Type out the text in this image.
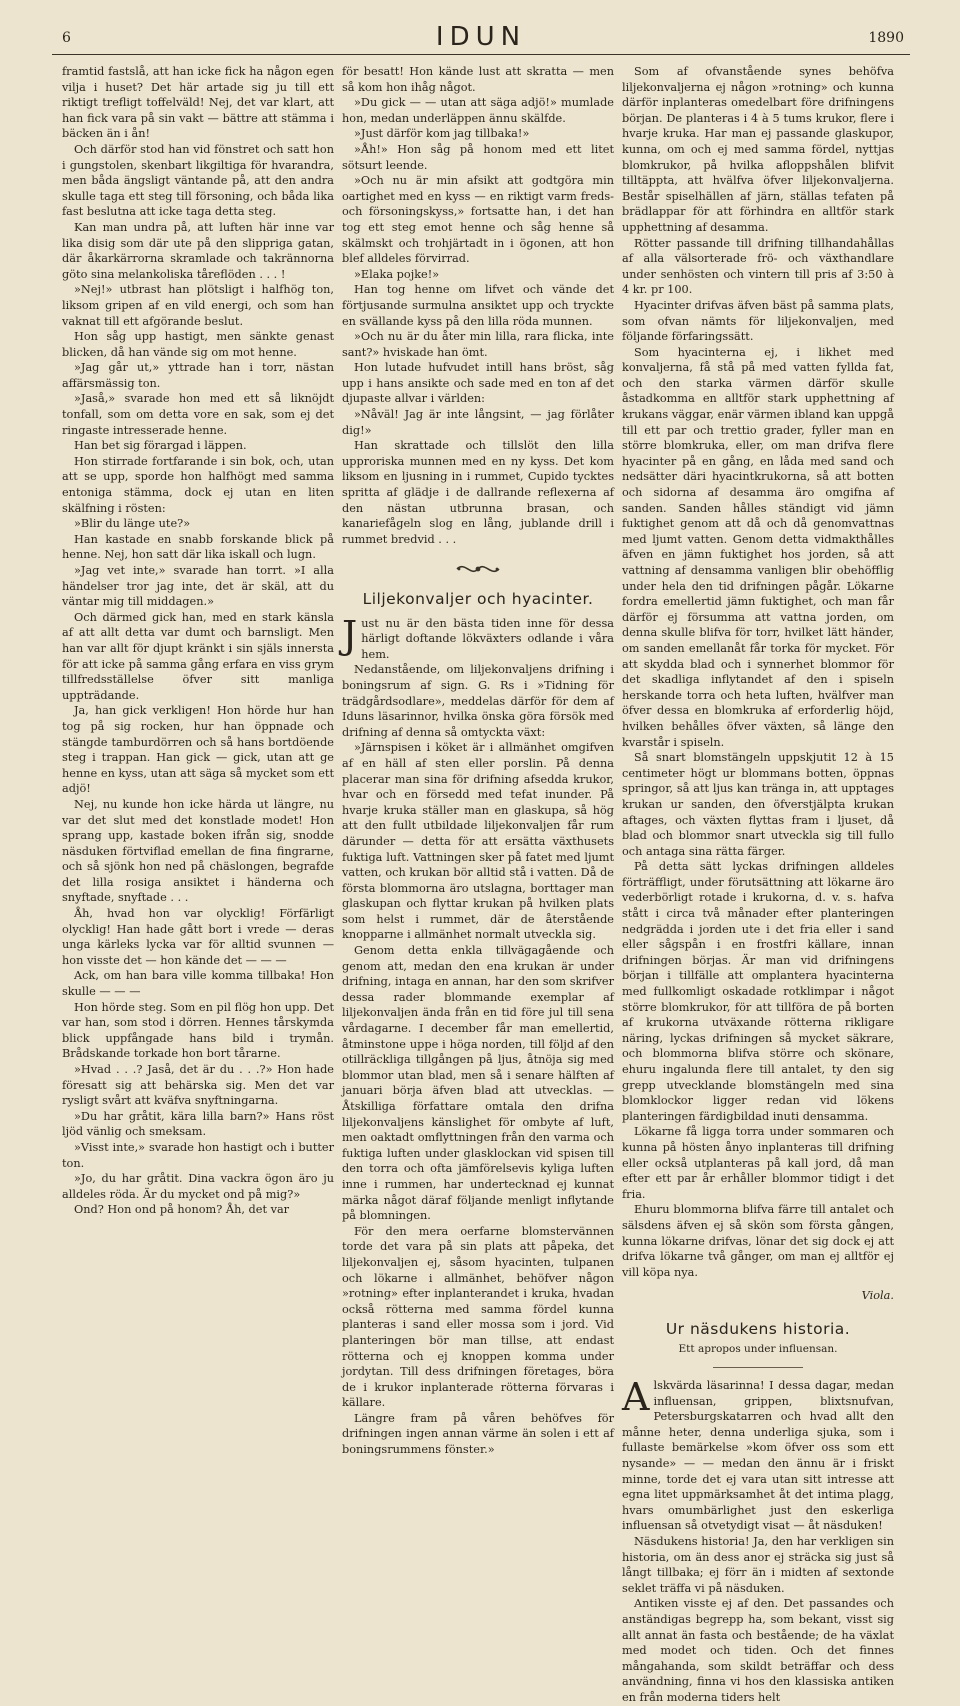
6	IDUN	1890

framtid fastslå, att han icke fick ha någon egen vilja i huset? Det här artade sig ju till ett riktigt trefligt toffelväld! Nej, det var klart, att han fick vara på sin vakt — bättre att stämma i bäcken än i ån!

Och därför stod han vid fönstret och satt hon i gungstolen, skenbart likgiltiga för hvarandra, men båda ängsligt väntande på, att den andra skulle taga ett steg till försoning, och båda lika fast beslutna att icke taga detta steg.

Kan man undra på, att luften här inne var lika disig som där ute på den slippriga gatan, där åkarkärrorna skramlade och takrännorna göto sina melankoliska tåreflöden . . . !

»Nej!» utbrast han plötsligt i halfhög ton, liksom gripen af en vild energi, och som han vaknat till ett afgörande beslut.

Hon såg upp hastigt, men sänkte genast blicken, då han vände sig om mot henne.

»Jag går ut,» yttrade han i torr, nästan affärsmässig ton.

»Jaså,» svarade hon med ett så liknöjdt tonfall, som om detta vore en sak, som ej det ringaste intresserade henne.

Han bet sig förargad i läppen.

Hon stirrade fortfarande i sin bok, och, utan att se upp, sporde hon halfhögt med samma entoniga stämma, dock ej utan en liten skälfning i rösten:

»Blir du länge ute?»

Han kastade en snabb forskande blick på henne. Nej, hon satt där lika iskall och lugn.

»Jag vet inte,» svarade han torrt. »I alla händelser tror jag inte, det är skäl, att du väntar mig till middagen.»

Och därmed gick han, med en stark känsla af att allt detta var dumt och barnsligt. Men han var allt för djupt kränkt i sin själs innersta för att icke på samma gång erfara en viss grym tillfredsställelse öfver sitt manliga uppträdande.

Ja, han gick verkligen! Hon hörde hur han tog på sig rocken, hur han öppnade och stängde tamburdörren och så hans bortdöende steg i trappan. Han gick — gick, utan att ge henne en kyss, utan att säga så mycket som ett adjö!

Nej, nu kunde hon icke härda ut längre, nu var det slut med det konstlade modet! Hon sprang upp, kastade boken ifrån sig, snodde näsduken förtviflad emellan de fina fingrarne, och så sjönk hon ned på chäslongen, begrafde det lilla rosiga ansiktet i händerna och snyftade, snyftade . . .

Åh, hvad hon var olycklig! Förfärligt olycklig! Han hade gått bort i vrede — deras unga kärleks lycka var för alltid svunnen — hon visste det — hon kände det — — —

Ack, om han bara ville komma tillbaka! Hon skulle — — —

Hon hörde steg. Som en pil flög hon upp. Det var han, som stod i dörren. Hennes tårskymda blick uppfångade hans bild i trymån. Brådskande torkade hon bort tårarne.

»Hvad . . .? Jaså, det är du . . .?» Hon hade föresatt sig att behärska sig. Men det var rysligt svårt att kväfva snyftningarna.

»Du har gråtit, kära lilla barn?» Hans röst ljöd vänlig och smeksam.

»Visst inte,» svarade hon hastigt och i butter ton.

»Jo, du har gråtit. Dina vackra ögon äro ju alldeles röda. Är du mycket ond på mig?»

Ond? Hon ond på honom? Åh, det var

för besatt! Hon kände lust att skratta — men så kom hon ihåg något.

»Du gick — — utan att säga adjö!» mumlade hon, medan underläppen ännu skälfde.

»Just därför kom jag tillbaka!»

»Åh!» Hon såg på honom med ett litet sötsurt leende.

»Och nu är min afsikt att godtgöra min oartighet med en kyss — en riktigt varm freds- och försoningskyss,» fortsatte han, i det han tog ett steg emot henne och såg henne så skälmskt och trohjärtadt in i ögonen, att hon blef alldeles förvirrad.

»Elaka pojke!»

Han tog henne om lifvet och vände det förtjusande surmulna ansiktet upp och tryckte en svällande kyss på den lilla röda munnen.

»Och nu är du åter min lilla, rara flicka, inte sant?» hviskade han ömt.

Hon lutade hufvudet intill hans bröst, såg upp i hans ansikte och sade med en ton af det djupaste allvar i världen:

»Nåväl! Jag är inte långsint, — jag förlåter dig!»

Han skrattade och tillslöt den lilla upproriska munnen med en ny kyss. Det kom liksom en ljusning in i rummet, Cupido tycktes spritta af glädje i de dallrande reflexerna af den nästan utbrunna brasan, och kanariefågeln slog en lång, jublande drill i rummet bredvid . . .

Liljekonvaljer och hyacinter.

Just nu är den bästa tiden inne för dessa härligt doftande lökväxters odlande i våra hem.

Nedanstående, om liljekonvaljens drifning i boningsrum af sign. G. Rs i »Tidning för trädgårdsodlare», meddelas därför för dem af Iduns läsarinnor, hvilka önska göra försök med drifning af denna så omtyckta växt:

»Järnspisen i köket är i allmänhet omgifven af en häll af sten eller porslin. På denna placerar man sina för drifning afsedda krukor, hvar och en försedd med tefat inunder. På hvarje kruka ställer man en glaskupa, så hög att den fullt utbildade liljekonvaljen får rum därunder — detta för att ersätta växthusets fuktiga luft. Vattningen sker på fatet med ljumt vatten, och krukan bör alltid stå i vatten. Då de första blommorna äro utslagna, borttager man glaskupan och flyttar krukan på hvilken plats som helst i rummet, där de återstående knopparne i allmänhet normalt utveckla sig.

Genom detta enkla tillvägagående och genom att, medan den ena krukan är under drifning, intaga en annan, har den som skrifver dessa rader blommande exemplar af liljekonvaljen ända från en tid före jul till sena vårdagarne. I december får man emellertid, åtminstone uppe i höga norden, till följd af den otillräckliga tillgången på ljus, åtnöja sig med blommor utan blad, men så i senare hälften af januari börja äfven blad att utvecklas. — Åtskilliga författare omtala den drifna liljekonvaljens känslighet för ombyte af luft, men oaktadt omflyttningen från den varma och fuktiga luften under glasklockan vid spisen till den torra och ofta jämförelsevis kyliga luften inne i rummen, har undertecknad ej kunnat märka något däraf följande menligt inflytande på blomningen.

För den mera oerfarne blomstervännen torde det vara på sin plats att påpeka, det liljekonvaljen ej, såsom hyacinten, tulpanen och lökarne i allmänhet, behöfver någon »rotning» efter inplanterandet i kruka, hvadan också rötterna med samma fördel kunna planteras i sand eller mossa som i jord. Vid planteringen bör man tillse, att endast rötterna och ej knoppen komma under jordytan. Till dess drifningen företages, böra de i krukor inplanterade rötterna förvaras i källare.

Längre fram på våren behöfves för drifningen ingen annan värme än solen i ett af boningsrummens fönster.»

Som af ofvanstående synes behöfva liljekonvaljerna ej någon »rotning» och kunna därför inplanteras omedelbart före drifningens början. De planteras i 4 à 5 tums krukor, flere i hvarje kruka. Har man ej passande glaskupor, kunna, om och ej med samma fördel, nyttjas blomkrukor, på hvilka afloppshålen blifvit tilltäppta, att hvälfva öfver liljekonvaljerna. Består spiselhällen af järn, ställas tefaten på brädlappar för att förhindra en alltför stark upphettning af desamma.

Rötter passande till drifning tillhandahållas af alla välsorterade frö- och växthandlare under senhösten och vintern till pris af 3:50 à 4 kr. pr 100.

Hyacinter drifvas äfven bäst på samma plats, som ofvan nämts för liljekonvaljen, med följande förfaringssätt.

Som hyacinterna ej, i likhet med konvaljerna, få stå på med vatten fyllda fat, och den starka värmen därför skulle åstadkomma en alltför stark upphettning af krukans väggar, enär värmen ibland kan uppgå till ett par och trettio grader, fyller man en större blomkruka, eller, om man drifva flere hyacinter på en gång, en låda med sand och nedsätter däri hyacintkrukorna, så att botten och sidorna af desamma äro omgifna af sanden. Sanden hålles ständigt vid jämn fuktighet genom att då och då genomvattnas med ljumt vatten. Genom detta vidmakthålles äfven en jämn fuktighet hos jorden, så att vattning af densamma vanligen blir obehöfflig under hela den tid drifningen pågår. Lökarne fordra emellertid jämn fuktighet, och man får därför ej försumma att vattna jorden, om denna skulle blifva för torr, hvilket lätt händer, om sanden emellanåt får torka för mycket. För att skydda blad och i synnerhet blommor för det skadliga inflytandet af den i spiseln herskande torra och heta luften, hvälfver man öfver dessa en blomkruka af erforderlig höjd, hvilken behålles öfver växten, så länge den kvarstår i spiseln.

Så snart blomstängeln uppskjutit 12 à 15 centimeter högt ur blommans botten, öppnas springor, så att ljus kan tränga in, att upptages krukan ur sanden, den öfverstjälpta krukan aftages, och växten flyttas fram i ljuset, då blad och blommor snart utveckla sig till fullo och antaga sina rätta färger.

På detta sätt lyckas drifningen alldeles förträffligt, under förutsättning att lökarne äro vederbörligt rotade i krukorna, d. v. s. hafva stått i circa två månader efter planteringen nedgrädda i jorden ute i det fria eller i sand eller sågspån i en frostfri källare, innan drifningen börjas. Är man vid drifningens början i tillfälle att omplantera hyacinterna med fullkomligt oskadade rotklimpar i något större blomkrukor, för att tillföra de på borten af krukorna utväxande rötterna rikligare näring, lyckas drifningen så mycket säkrare, och blommorna blifva större och skönare, ehuru ingalunda flere till antalet, ty den sig grepp utvecklande blomstängeln med sina blomklockor ligger redan vid lökens planteringen färdigbildad inuti densamma.

Lökarne få ligga torra under sommaren och kunna på hösten ånyo inplanteras till drifning eller också utplanteras på kall jord, då man efter ett par år erhåller blommor tidigt i det fria.

Ehuru blommorna blifva färre till antalet och sälsdens äfven ej så skön som första gången, kunna lökarne drifvas, lönar det sig dock ej att drifva lökarne två gånger, om man ej alltför ej vill köpa nya.

Viola.
Ur näsdukens historia.
Ett apropos under influensan.

Alskvärda läsarinna! I dessa dagar, medan influensan, grippen, blixtsnufvan, Petersburgskatarren och hvad allt den månne heter, denna underliga sjuka, som i fullaste bemärkelse »kom öfver oss som ett nysande» — — medan den ännu är i friskt minne, torde det ej vara utan sitt intresse att egna litet uppmärksamhet åt det intima plagg, hvars omumbärlighet just den eskerliga influensan så otvetydigt visat — åt näsduken!

Näsdukens historia! Ja, den har verkligen sin historia, om än dess anor ej sträcka sig just så långt tillbaka; ej förr än i midten af sextonde seklet träffa vi på näsduken.

Antiken visste ej af den. Det passandes och anständigas begrepp ha, som bekant, visst sig allt annat än fasta och bestående; de ha växlat med modet och tiden. Och det finnes mångahanda, som skildt beträffar och dess användning, finna vi hos den klassiska antiken en från moderna tiders helt
